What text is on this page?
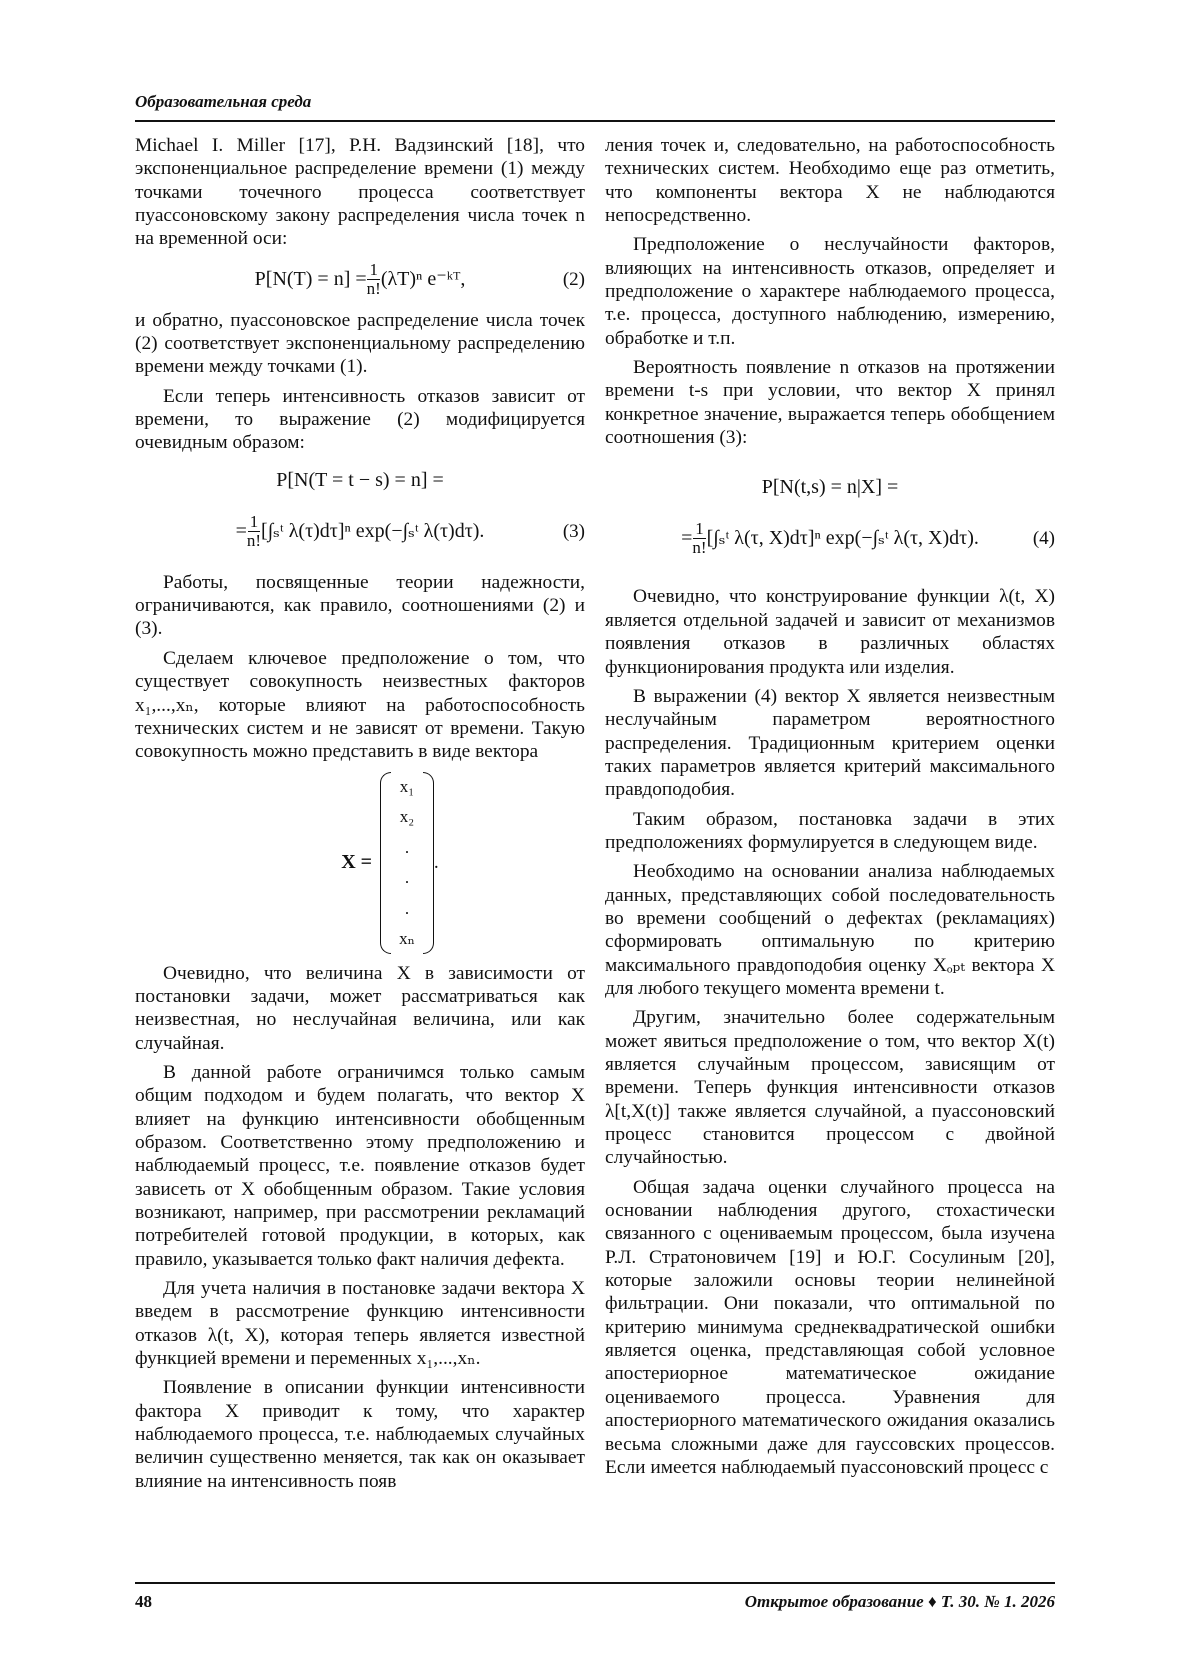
Образовательная среда

Michael I. Miller [17], Р.Н. Вадзинский [18], что экспоненциальное распределение времени (1) между точками точечного процесса соответствует пуассоновскому закону распределения числа точек n на временной оси:

$P[N(T) = n] = \frac{1}{n!} (\lambda T)^n$ e⁻ᵏᵀ,	(2)

и обратно, пуассоновское распределение числа точек (2) соответствует экспоненциальному распределению времени между точками (1).

Если теперь интенсивность отказов зависит от времени, то выражение (2) модифицируется очевидным образом:

P[N(T = t − s) = n] =
= $\frac{1}{n!}$ [∫ₛᵗ λ(τ)dτ]ⁿ exp(−∫ₛᵗ λ(τ)dτ).	(3)

Работы, посвященные теории надежности, ограничиваются, как правило, соотношениями (2) и (3).

Сделаем ключевое предположение о том, что существует совокупность неизвестных факторов x₁,...,xₙ, которые влияют на работоспособность технических систем и не зависят от времени. Такую совокупность можно представить в виде вектора

X =
x₁
x₂
.
.
.
xₙ
.

Очевидно, что величина X в зависимости от постановки задачи, может рассматриваться как неизвестная, но неслучайная величина, или как случайная.

В данной работе ограничимся только самым общим подходом и будем полагать, что вектор X влияет на функцию интенсивности обобщенным образом. Соответственно этому предположению и наблюдаемый процесс, т.е. появление отказов будет зависеть от X обобщенным образом. Такие условия возникают, например, при рассмотрении рекламаций потребителей готовой продукции, в которых, как правило, указывается только факт наличия дефекта.

Для учета наличия в постановке задачи вектора Х введем в рассмотрение функцию интенсивности отказов λ(t, X), которая теперь является известной функцией времени и переменных x₁,...,xₙ.

Появление в описании функции интенсивности фактора X приводит к тому, что характер наблюдаемого процесса, т.е. наблюдаемых случайных величин существенно меняется, так как он оказывает влияние на интенсивность появ

ления точек и, следовательно, на работоспособность технических систем. Необходимо еще раз отметить, что компоненты вектора X не наблюдаются непосредственно.

Предположение о неслучайности факторов, влияющих на интенсивность отказов, определяет и предположение о характере наблюдаемого процесса, т.е. процесса, доступного наблюдению, измерению, обработке и т.п.

Вероятность появление n отказов на протяжении времени t-s при условии, что вектор X принял конкретное значение, выражается теперь обобщением соотношения (3):

P[N(t,s) = n|X] =
= $\frac{1}{n!}$ [∫ₛᵗ λ(τ, X)dτ]ⁿ exp(−∫ₛᵗ λ(τ, X)dτ).	(4)

Очевидно, что конструирование функции λ(t, X) является отдельной задачей и зависит от механизмов появления отказов в различных областях функционирования продукта или изделия.

В выражении (4) вектор X является неизвестным неслучайным параметром вероятностного распределения. Традиционным критерием оценки таких параметров является критерий максимального правдоподобия.

Таким образом, постановка задачи в этих предположениях формулируется в следующем виде.

Необходимо на основании анализа наблюдаемых данных, представляющих собой последовательность во времени сообщений о дефектах (рекламациях) сформировать оптимальную по критерию максимального правдоподобия оценку Xₒₚₜ вектора X для любого текущего момента времени t.

Другим, значительно более содержательным может явиться предположение о том, что вектор X(t) является случайным процессом, зависящим от времени. Теперь функция интенсивности отказов λ[t,X(t)] также является случайной, а пуассоновский процесс становится процессом с двойной случайностью.

Общая задача оценки случайного процесса на основании наблюдения другого, стохастически связанного с оцениваемым процессом, была изучена Р.Л. Стратоновичем [19] и Ю.Г. Сосулиным [20], которые заложили основы теории нелинейной фильтрации. Они показали, что оптимальной по критерию минимума среднеквадратической ошибки является оценка, представляющая собой условное апостериорное математическое ожидание оцениваемого процесса. Уравнения для апостериорного математического ожидания оказались весьма сложными даже для гауссовских процессов. Если имеется наблюдаемый пуассоновский процесс с

48	Открытое образование ♦ Т. 30. № 1. 2026
